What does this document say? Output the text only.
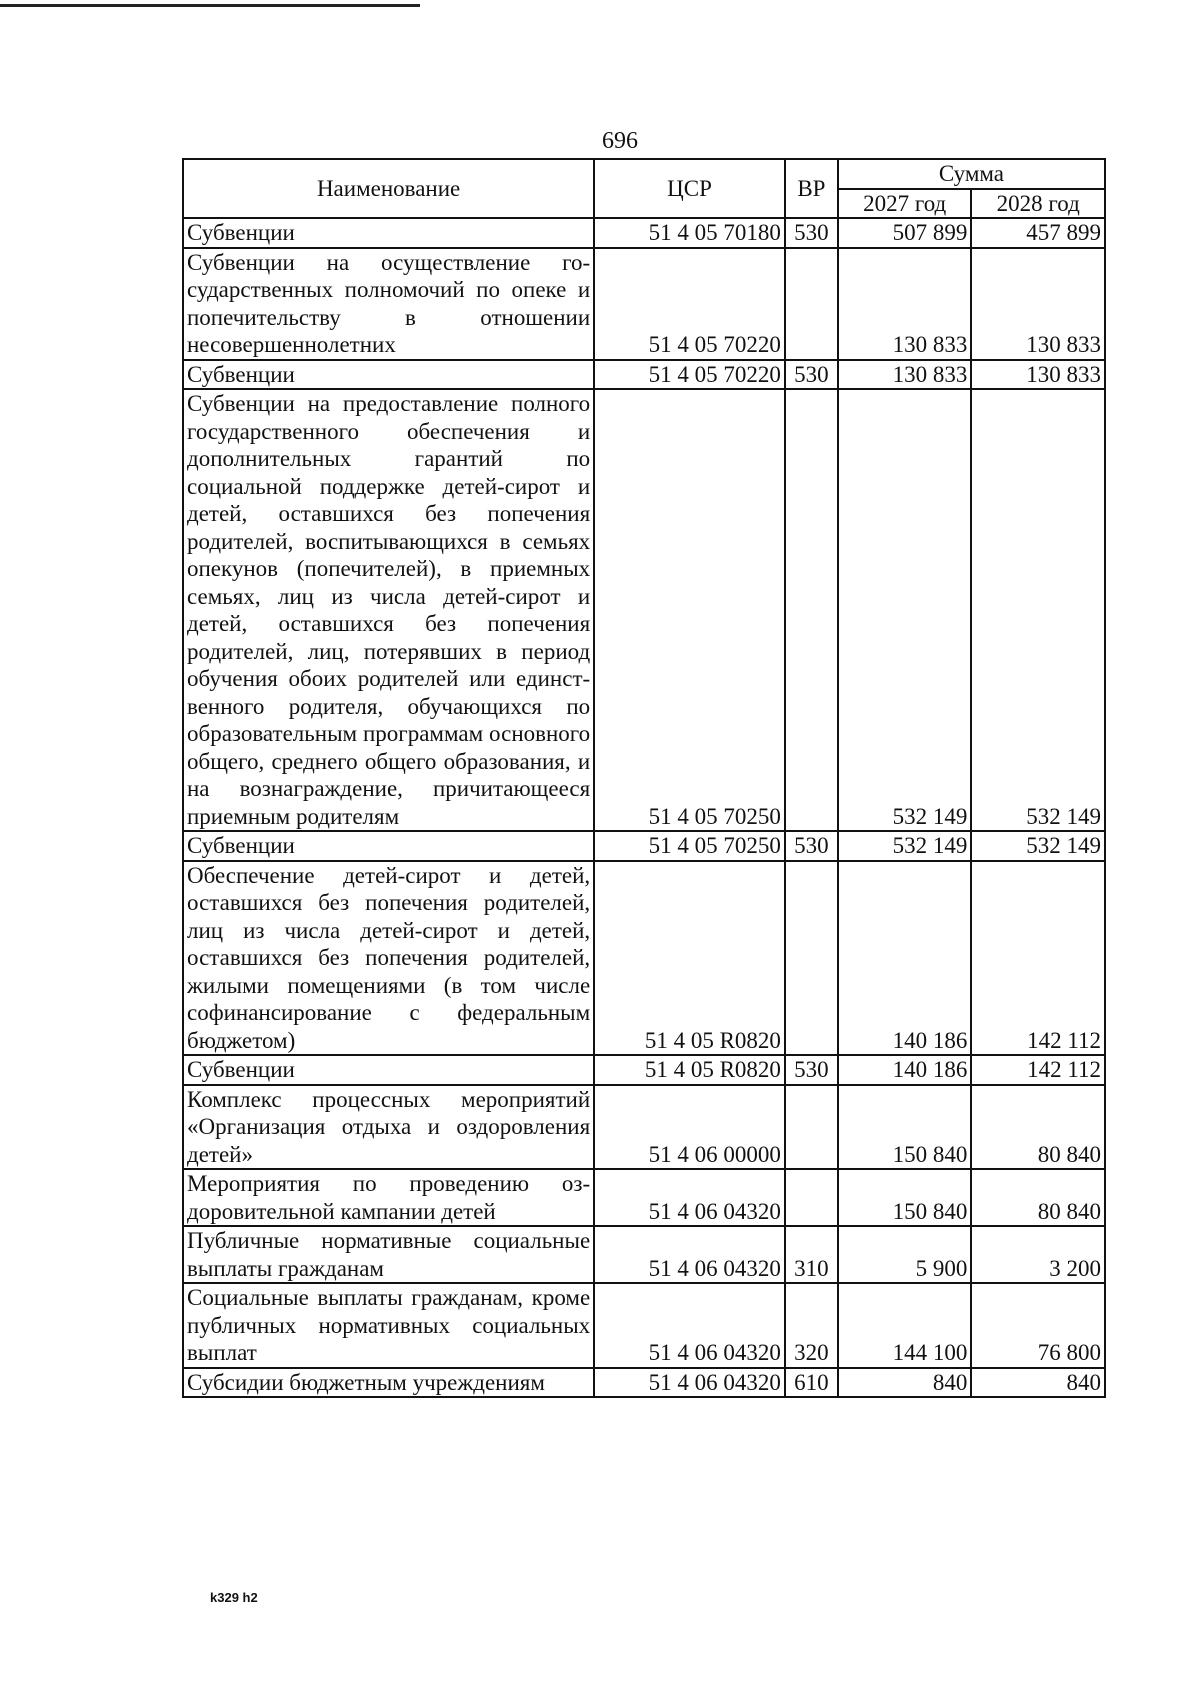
696
Наименование	ЦСР	ВР	Сумма	
			2027 год	2028 год
Субвенции	51 4 05 70180	530	507 899	457 899
Субвенции на осуществление государственных полномочий по опеке и попечительству в отношении несовершеннолетних	51 4 05 70220		130 833	130 833
Субвенции	51 4 05 70220	530	130 833	130 833
Субвенции на предоставление полного государственного обеспечения и дополнительных гарантий по социальной поддержке детей-сирот и детей, оставшихся без попечения родителей, воспитывающихся в семьях опекунов (попечителей), в приемных семьях, лиц из числа детей-сирот и детей, оставшихся без попечения родителей, лиц, потерявших в период обучения обоих родителей или единственного родителя, обучающихся по образовательным программам основного общего, среднего общего образования, и на вознаграждение, причитающееся приемным родителям	51 4 05 70250		532 149	532 149
Субвенции	51 4 05 70250	530	532 149	532 149
Обеспечение детей-сирот и детей, оставшихся без попечения родителей, лиц из числа детей-сирот и детей, оставшихся без попечения родителей, жилыми помещениями (в том числе софинансирование с федеральным бюджетом)	51 4 05 R0820		140 186	142 112
Субвенции	51 4 05 R0820	530	140 186	142 112
Комплекс процессных мероприятий «Организация отдыха и оздоровления детей»	51 4 06 00000		150 840	80 840
Мероприятия по проведению оздоровительной кампании детей	51 4 06 04320		150 840	80 840
Публичные нормативные социальные выплаты гражданам	51 4 06 04320	310	5 900	3 200
Социальные выплаты гражданам, кроме публичных нормативных социальных выплат	51 4 06 04320	320	144 100	76 800
Субсидии бюджетным учреждениям	51 4 06 04320	610	840	840
k329 h2
